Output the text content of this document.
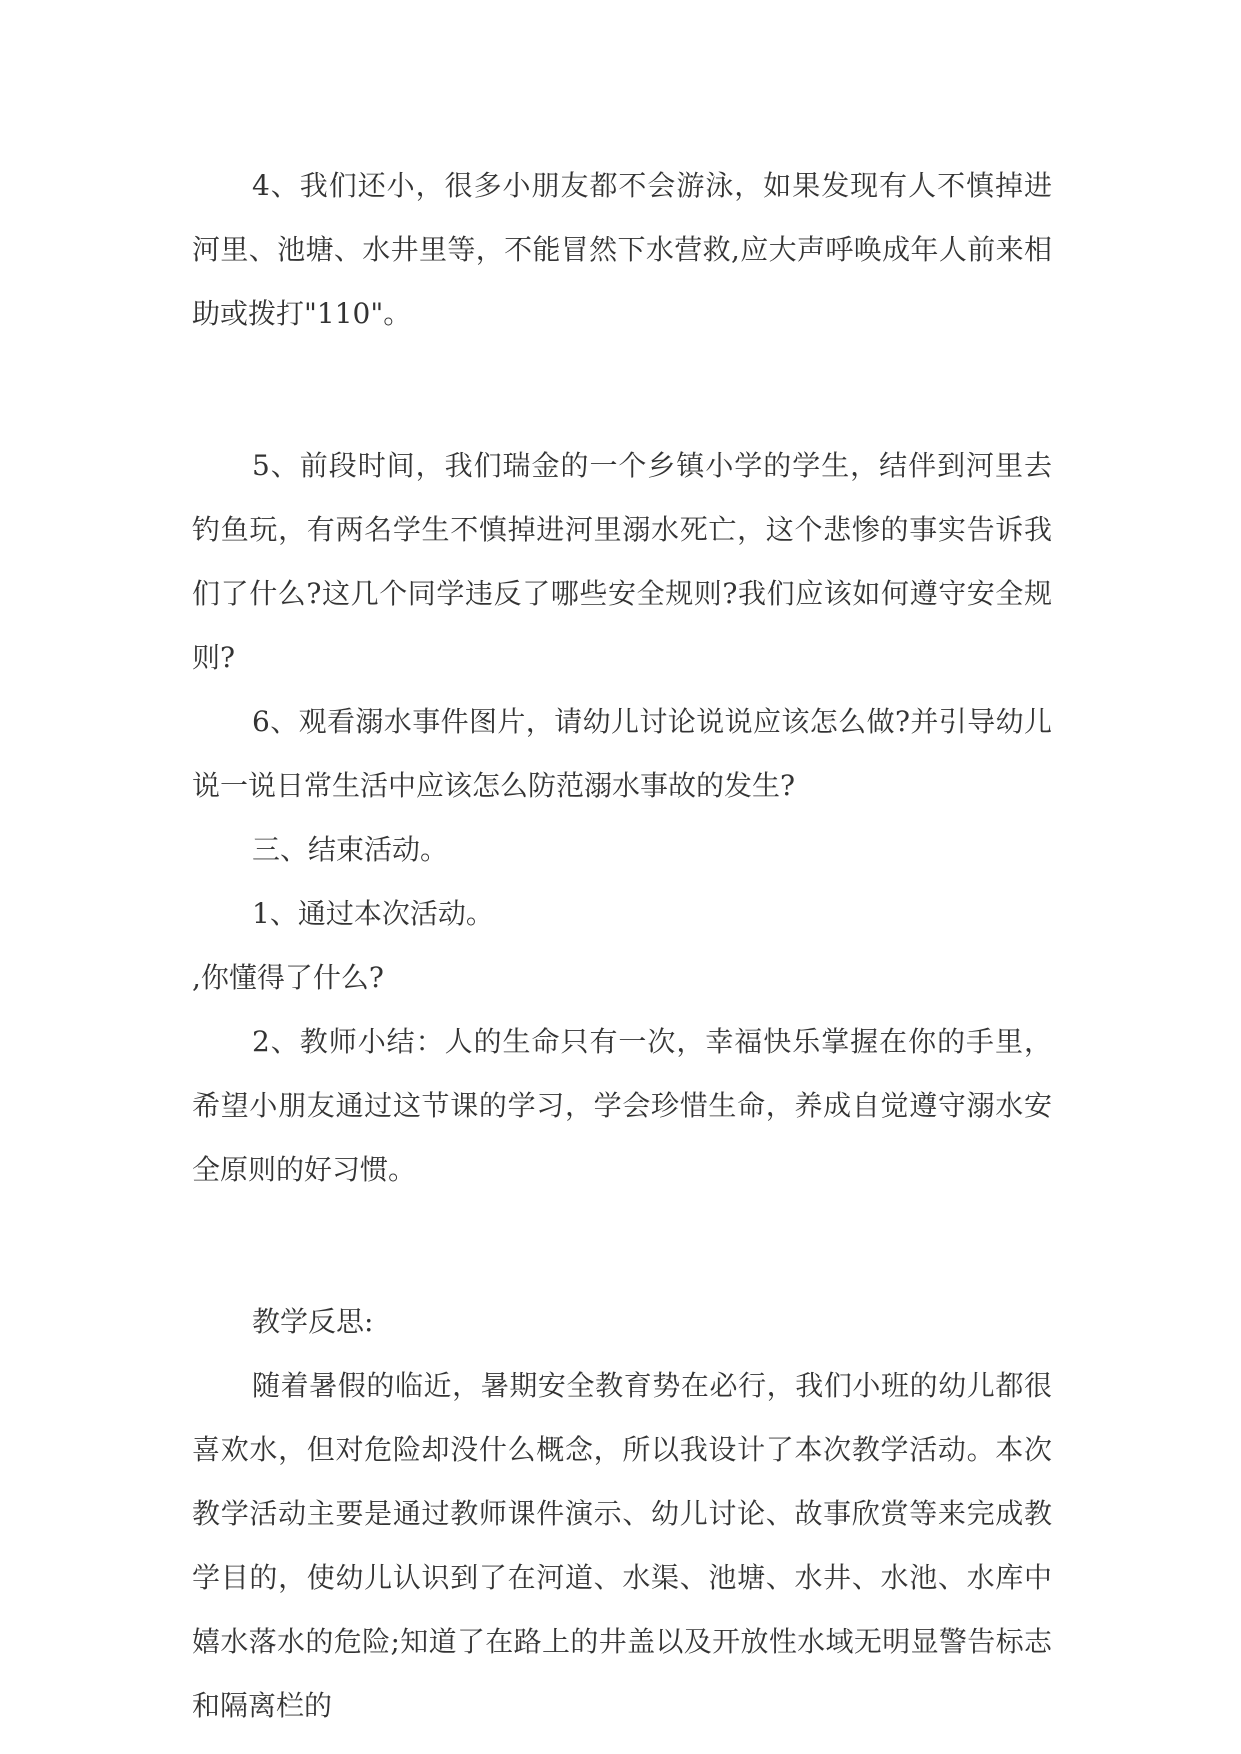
4、我们还小，很多小朋友都不会游泳，如果发现有人不慎掉进河里、池塘、水井里等，不能冒然下水营救,应大声呼唤成年人前来相助或拨打"110"。

5、前段时间，我们瑞金的一个乡镇小学的学生，结伴到河里去钓鱼玩，有两名学生不慎掉进河里溺水死亡，这个悲惨的事实告诉我们了什么?这几个同学违反了哪些安全规则?我们应该如何遵守安全规则?

6、观看溺水事件图片，请幼儿讨论说说应该怎么做?并引导幼儿说一说日常生活中应该怎么防范溺水事故的发生?

三、结束活动。

1、通过本次活动。

,你懂得了什么?

2、教师小结：人的生命只有一次，幸福快乐掌握在你的手里，希望小朋友通过这节课的学习，学会珍惜生命，养成自觉遵守溺水安全原则的好习惯。

教学反思:

随着暑假的临近，暑期安全教育势在必行，我们小班的幼儿都很喜欢水，但对危险却没什么概念，所以我设计了本次教学活动。本次教学活动主要是通过教师课件演示、幼儿讨论、故事欣赏等来完成教学目的，使幼儿认识到了在河道、水渠、池塘、水井、水池、水库中嬉水落水的危险;知道了在路上的井盖以及开放性水域无明显警告标志和隔离栏的
